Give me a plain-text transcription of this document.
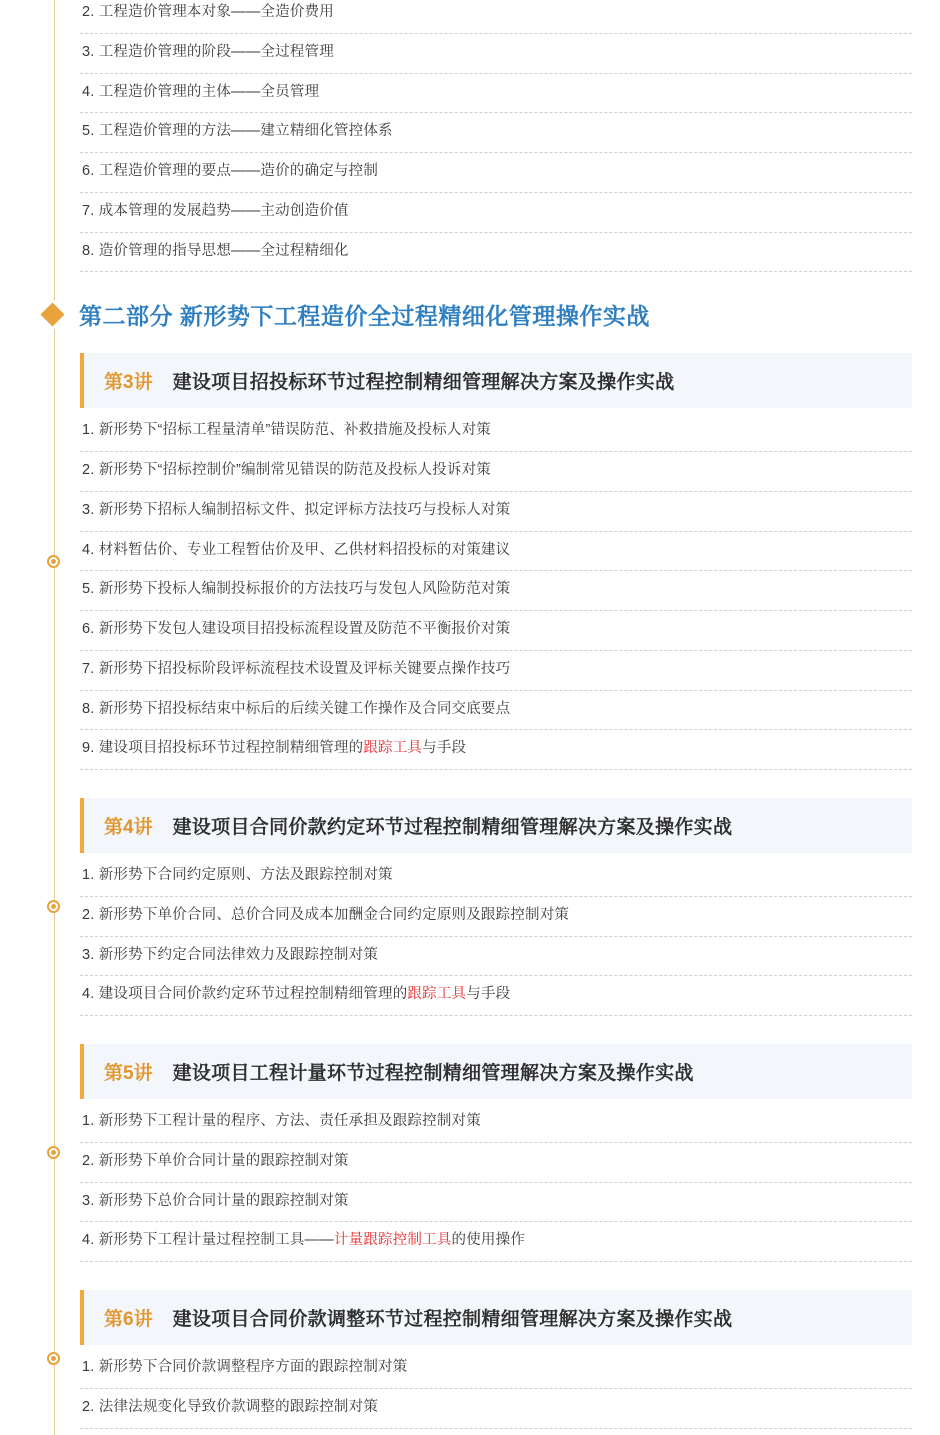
2. 工程造价管理本对象——全造价费用
3. 工程造价管理的阶段——全过程管理
4. 工程造价管理的主体——全员管理
5. 工程造价管理的方法——建立精细化管控体系
6. 工程造价管理的要点——造价的确定与控制
7. 成本管理的发展趋势——主动创造价值
8. 造价管理的指导思想——全过程精细化
第二部分 新形势下工程造价全过程精细化管理操作实战
第3讲 建设项目招投标环节过程控制精细管理解决方案及操作实战
1. 新形势下“招标工程量清单”错误防范、补救措施及投标人对策
2. 新形势下“招标控制价”编制常见错误的防范及投标人投诉对策
3. 新形势下招标人编制招标文件、拟定评标方法技巧与投标人对策
4. 材料暂估价、专业工程暂估价及甲、乙供材料招投标的对策建议
5. 新形势下投标人编制投标报价的方法技巧与发包人风险防范对策
6. 新形势下发包人建设项目招投标流程设置及防范不平衡报价对策
7. 新形势下招投标阶段评标流程技术设置及评标关键要点操作技巧
8. 新形势下招投标结束中标后的后续关键工作操作及合同交底要点
9. 建设项目招投标环节过程控制精细管理的跟踪工具与手段
第4讲 建设项目合同价款约定环节过程控制精细管理解决方案及操作实战
1. 新形势下合同约定原则、方法及跟踪控制对策
2. 新形势下单价合同、总价合同及成本加酬金合同约定原则及跟踪控制对策
3. 新形势下约定合同法律效力及跟踪控制对策
4. 建设项目合同价款约定环节过程控制精细管理的跟踪工具与手段
第5讲 建设项目工程计量环节过程控制精细管理解决方案及操作实战
1. 新形势下工程计量的程序、方法、责任承担及跟踪控制对策
2. 新形势下单价合同计量的跟踪控制对策
3. 新形势下总价合同计量的跟踪控制对策
4. 新形势下工程计量过程控制工具——计量跟踪控制工具的使用操作
第6讲 建设项目合同价款调整环节过程控制精细管理解决方案及操作实战
1. 新形势下合同价款调整程序方面的跟踪控制对策
2. 法律法规变化导致价款调整的跟踪控制对策
